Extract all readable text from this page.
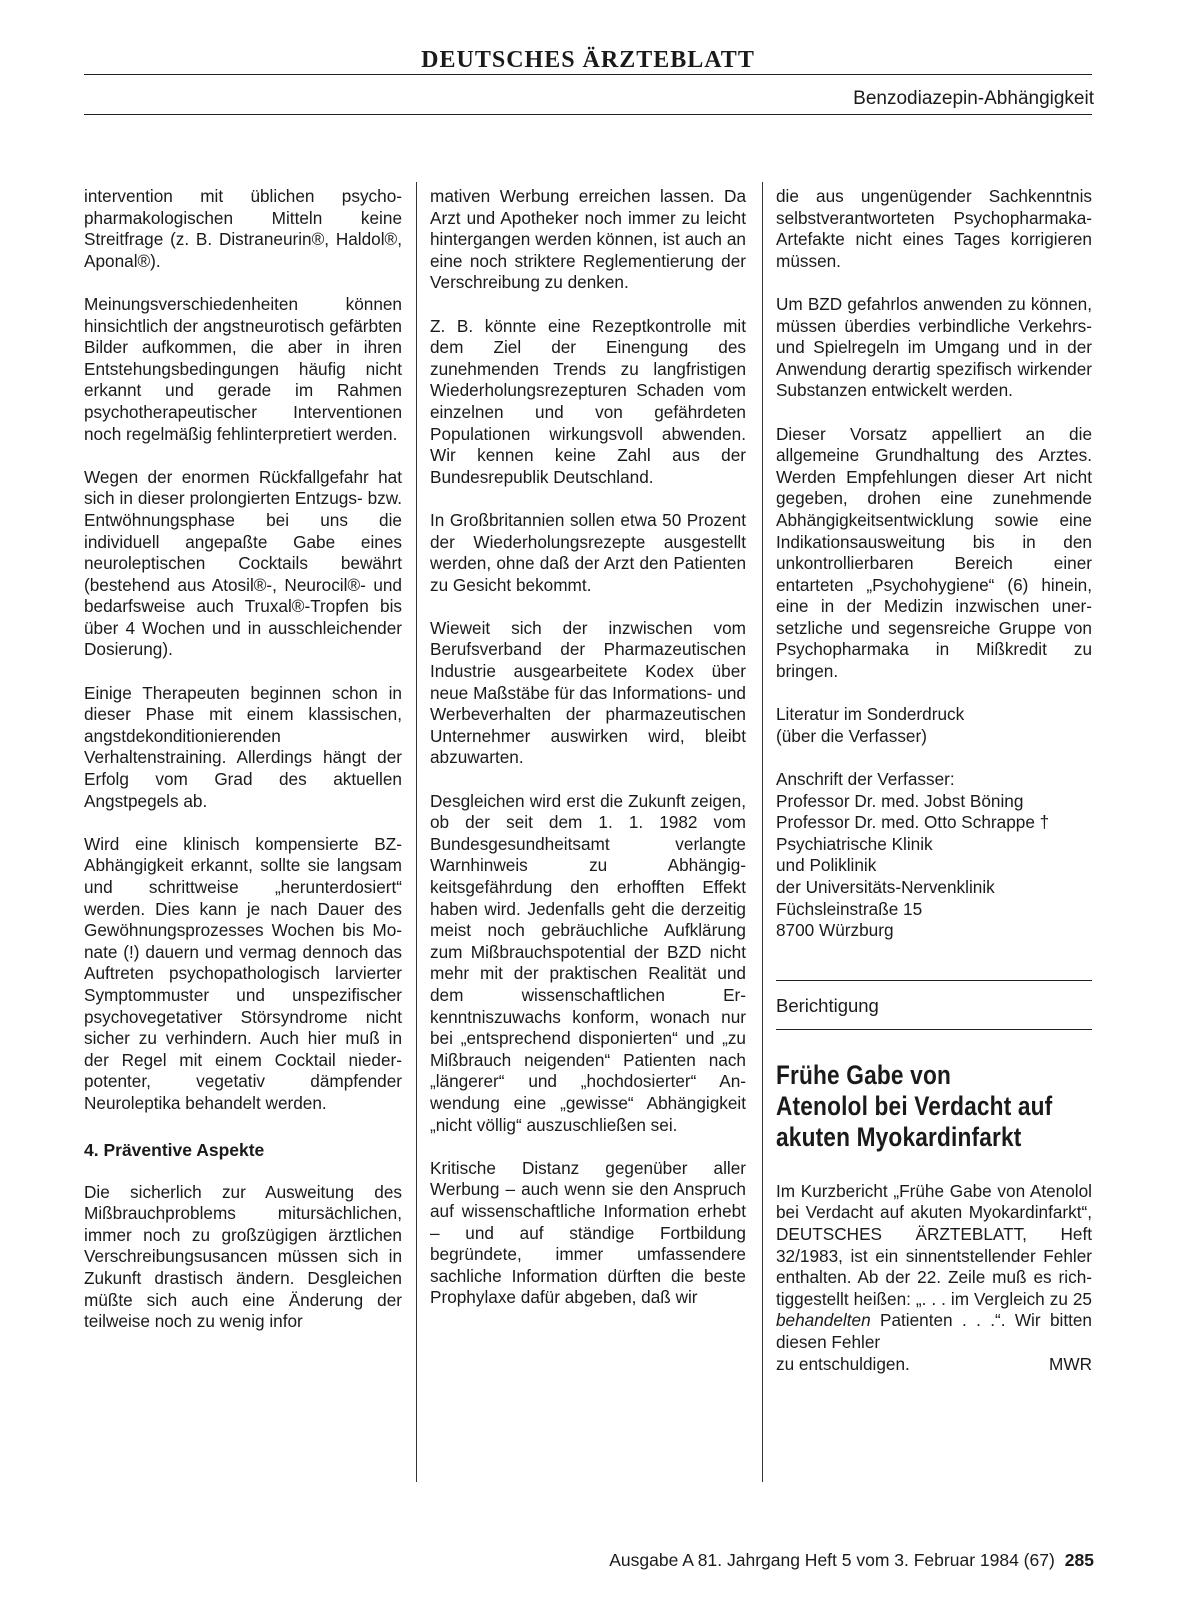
DEUTSCHES ÄRZTEBLATT
Benzodiazepin-Abhängigkeit

intervention mit üblichen psychopharmakologischen Mitteln keine Streitfrage (z. B. Distraneurin®, Haldol®, Aponal®).

Meinungsverschiedenheiten können hinsichtlich der angstneurotisch gefärbten Bilder aufkommen, die aber in ihren Entstehungsbedingungen häufig nicht erkannt und gerade im Rahmen psychotherapeutischer Interventionen noch regelmäßig fehlinterpretiert werden.

Wegen der enormen Rückfallgefahr hat sich in dieser prolongierten Entzugs- bzw. Entwöhnungsphase bei uns die individuell angepaßte Gabe eines neuroleptischen Cocktails bewährt (bestehend aus Atosil®-, Neurocil®- und bedarfsweise auch Truxal®-Tropfen bis über 4 Wochen und in ausschleichender Dosierung).

Einige Therapeuten beginnen schon in dieser Phase mit einem klassischen, angstdekonditionierenden Verhaltenstraining. Allerdings hängt der Erfolg vom Grad des aktuellen Angstpegels ab.

Wird eine klinisch kompensierte BZ-Abhängigkeit erkannt, sollte sie langsam und schrittweise „herunterdosiert“ werden. Dies kann je nach Dauer des Gewöhnungsprozesses Wochen bis Monate (!) dauern und vermag dennoch das Auftreten psychopathologisch larvierter Symptommuster und unspezifischer psychovegetativer Störsyndrome nicht sicher zu verhindern. Auch hier muß in der Regel mit einem Cocktail niederpotenter, vegetativ dämpfender Neuroleptika behandelt werden.

4. Präventive Aspekte

Die sicherlich zur Ausweitung des Mißbrauchproblems mitursächlichen, immer noch zu großzügigen ärztlichen Verschreibungsusancen müssen sich in Zukunft drastisch ändern. Desgleichen müßte sich auch eine Änderung der teilweise noch zu wenig infor

mativen Werbung erreichen lassen. Da Arzt und Apotheker noch immer zu leicht hintergangen werden können, ist auch an eine noch striktere Reglementierung der Verschreibung zu denken.

Z. B. könnte eine Rezeptkontrolle mit dem Ziel der Einengung des zunehmenden Trends zu langfristigen Wiederholungsrezepturen Schaden vom einzelnen und von gefährdeten Populationen wirkungsvoll abwenden. Wir kennen keine Zahl aus der Bundesrepublik Deutschland.

In Großbritannien sollen etwa 50 Prozent der Wiederholungsrezepte ausgestellt werden, ohne daß der Arzt den Patienten zu Gesicht bekommt.

Wieweit sich der inzwischen vom Berufsverband der Pharmazeutischen Industrie ausgearbeitete Kodex über neue Maßstäbe für das Informations- und Werbeverhalten der pharmazeutischen Unternehmer auswirken wird, bleibt abzuwarten.

Desgleichen wird erst die Zukunft zeigen, ob der seit dem 1. 1. 1982 vom Bundesgesundheitsamt verlangte Warnhinweis zu Abhängigkeitsgefährdung den erhofften Effekt haben wird. Jedenfalls geht die derzeitig meist noch gebräuchliche Aufklärung zum Mißbrauchspotential der BZD nicht mehr mit der praktischen Realität und dem wissenschaftlichen Erkenntniszuwachs konform, wonach nur bei „entsprechend disponierten“ und „zu Mißbrauch neigenden“ Patienten nach „längerer“ und „hochdosierter“ Anwendung eine „gewisse“ Abhängigkeit „nicht völlig“ auszuschließen sei.

Kritische Distanz gegenüber aller Werbung – auch wenn sie den Anspruch auf wissenschaftliche Information erhebt – und auf ständige Fortbildung begründete, immer umfassendere sachliche Information dürften die beste Prophylaxe dafür abgeben, daß wir

die aus ungenügender Sachkenntnis selbstverantworteten Psychopharmaka-Artefakte nicht eines Tages korrigieren müssen.

Um BZD gefahrlos anwenden zu können, müssen überdies verbindliche Verkehrs- und Spielregeln im Umgang und in der Anwendung derartig spezifisch wirkender Substanzen entwickelt werden.

Dieser Vorsatz appelliert an die allgemeine Grundhaltung des Arztes. Werden Empfehlungen dieser Art nicht gegeben, drohen eine zunehmende Abhängigkeitsentwicklung sowie eine Indikationsausweitung bis in den unkontrollierbaren Bereich einer entarteten „Psychohygiene“ (6) hinein, eine in der Medizin inzwischen unersetzliche und segensreiche Gruppe von Psychopharmaka in Mißkredit zu bringen.

Literatur im Sonderdruck

(über die Verfasser)

Anschrift der Verfasser:

Professor Dr. med. Jobst Böning

Professor Dr. med. Otto Schrappe †

Psychiatrische Klinik

und Poliklinik

der Universitäts-Nervenklinik

Füchsleinstraße 15

8700 Würzburg

Berichtigung
Frühe Gabe von
Atenolol bei Verdacht auf
akuten Myokardinfarkt

Im Kurzbericht „Frühe Gabe von Atenolol bei Verdacht auf akuten Myokardinfarkt“, DEUTSCHES ÄRZTEBLATT, Heft 32/1983, ist ein sinnentstellender Fehler enthalten. Ab der 22. Zeile muß es richtiggestellt heißen: „. . . im Vergleich zu 25 behandelten Patienten . . .“. Wir bitten diesen Fehler

zu entschuldigen.	MWR
Ausgabe A 81. Jahrgang Heft 5 vom 3. Februar 1984 (67) 285
